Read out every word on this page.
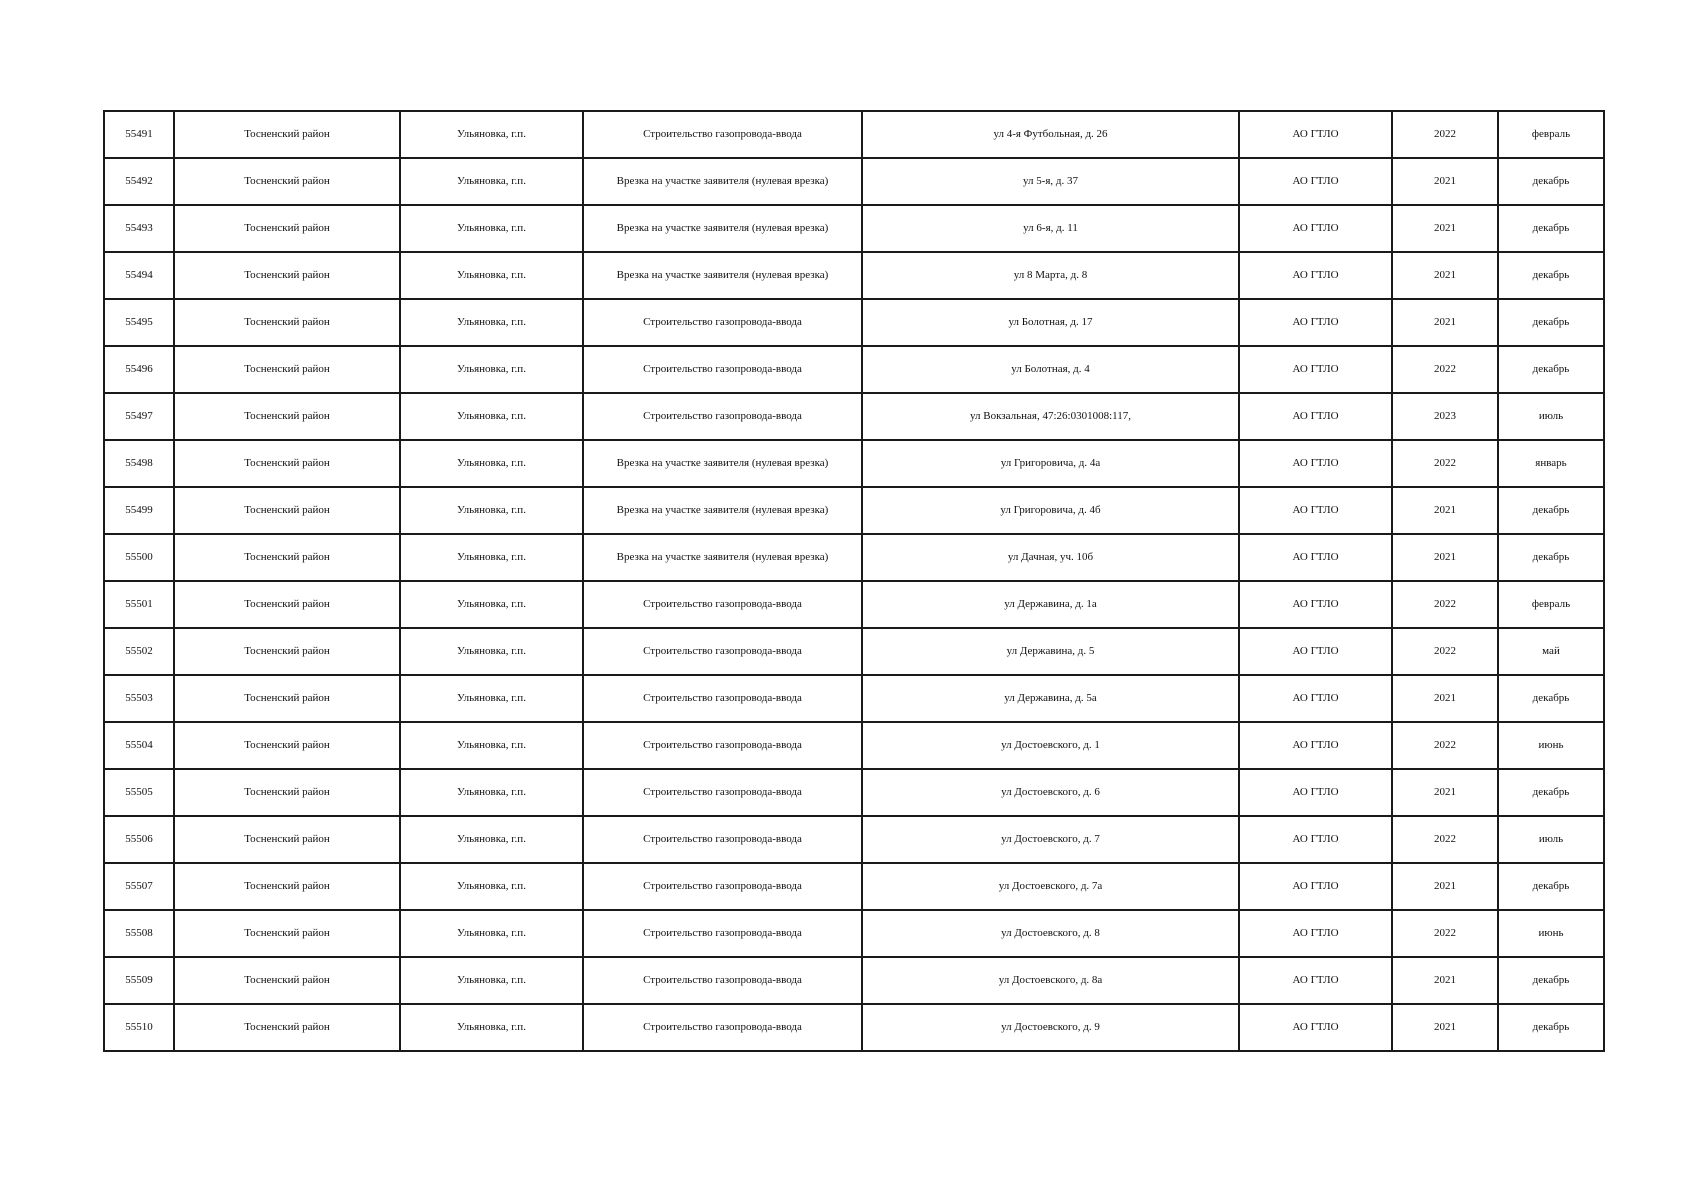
55491	Тосненский район	Ульяновка, г.п.	Строительство газопровода-ввода	ул 4-я Футбольная, д. 26	АО ГТЛО	2022	февраль
55492	Тосненский район	Ульяновка, г.п.	Врезка на участке заявителя (нулевая врезка)	ул 5-я, д. 37	АО ГТЛО	2021	декабрь
55493	Тосненский район	Ульяновка, г.п.	Врезка на участке заявителя (нулевая врезка)	ул 6-я, д. 11	АО ГТЛО	2021	декабрь
55494	Тосненский район	Ульяновка, г.п.	Врезка на участке заявителя (нулевая врезка)	ул 8 Марта, д. 8	АО ГТЛО	2021	декабрь
55495	Тосненский район	Ульяновка, г.п.	Строительство газопровода-ввода	ул Болотная, д. 17	АО ГТЛО	2021	декабрь
55496	Тосненский район	Ульяновка, г.п.	Строительство газопровода-ввода	ул Болотная, д. 4	АО ГТЛО	2022	декабрь
55497	Тосненский район	Ульяновка, г.п.	Строительство газопровода-ввода	ул Вокзальная, 47:26:0301008:117,	АО ГТЛО	2023	июль
55498	Тосненский район	Ульяновка, г.п.	Врезка на участке заявителя (нулевая врезка)	ул Григоровича, д. 4а	АО ГТЛО	2022	январь
55499	Тосненский район	Ульяновка, г.п.	Врезка на участке заявителя (нулевая врезка)	ул Григоровича, д. 4б	АО ГТЛО	2021	декабрь
55500	Тосненский район	Ульяновка, г.п.	Врезка на участке заявителя (нулевая врезка)	ул Дачная, уч. 10б	АО ГТЛО	2021	декабрь
55501	Тосненский район	Ульяновка, г.п.	Строительство газопровода-ввода	ул Державина, д. 1а	АО ГТЛО	2022	февраль
55502	Тосненский район	Ульяновка, г.п.	Строительство газопровода-ввода	ул Державина, д. 5	АО ГТЛО	2022	май
55503	Тосненский район	Ульяновка, г.п.	Строительство газопровода-ввода	ул Державина, д. 5а	АО ГТЛО	2021	декабрь
55504	Тосненский район	Ульяновка, г.п.	Строительство газопровода-ввода	ул Достоевского, д. 1	АО ГТЛО	2022	июнь
55505	Тосненский район	Ульяновка, г.п.	Строительство газопровода-ввода	ул Достоевского, д. 6	АО ГТЛО	2021	декабрь
55506	Тосненский район	Ульяновка, г.п.	Строительство газопровода-ввода	ул Достоевского, д. 7	АО ГТЛО	2022	июль
55507	Тосненский район	Ульяновка, г.п.	Строительство газопровода-ввода	ул Достоевского, д. 7а	АО ГТЛО	2021	декабрь
55508	Тосненский район	Ульяновка, г.п.	Строительство газопровода-ввода	ул Достоевского, д. 8	АО ГТЛО	2022	июнь
55509	Тосненский район	Ульяновка, г.п.	Строительство газопровода-ввода	ул Достоевского, д. 8а	АО ГТЛО	2021	декабрь
55510	Тосненский район	Ульяновка, г.п.	Строительство газопровода-ввода	ул Достоевского, д. 9	АО ГТЛО	2021	декабрь
